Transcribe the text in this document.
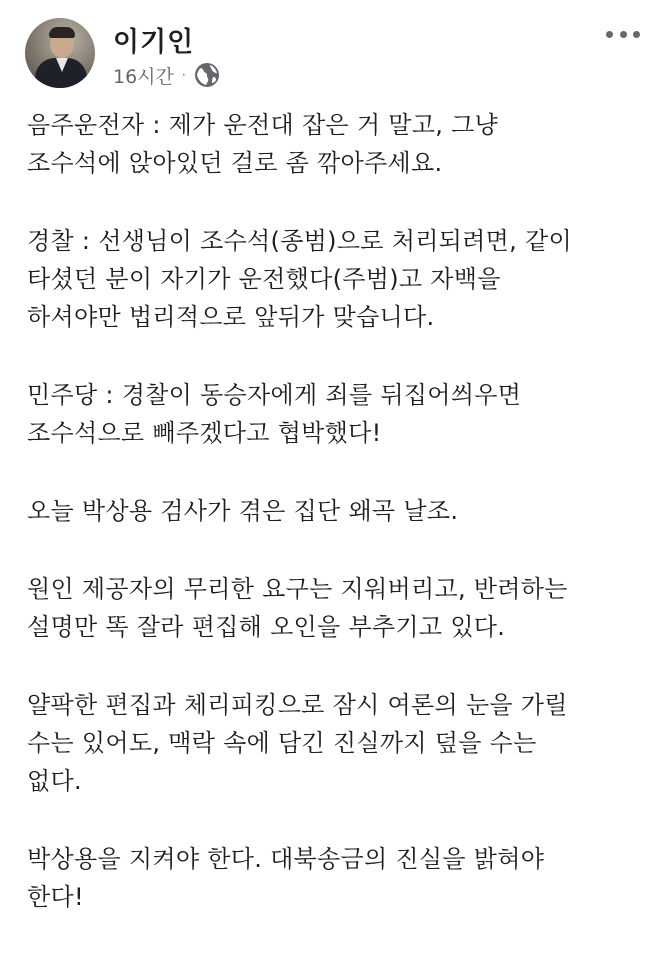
이기인
16시간 ·

음주운전자 : 제가 운전대 잡은 거 말고, 그냥
조수석에 앉아있던 걸로 좀 깎아주세요.

경찰 : 선생님이 조수석(종범)으로 처리되려면, 같이
타셨던 분이 자기가 운전했다(주범)고 자백을
하셔야만 법리적으로 앞뒤가 맞습니다.

민주당 : 경찰이 동승자에게 죄를 뒤집어씌우면
조수석으로 빼주겠다고 협박했다!

오늘 박상용 검사가 겪은 집단 왜곡 날조.

원인 제공자의 무리한 요구는 지워버리고, 반려하는
설명만 똑 잘라 편집해 오인을 부추기고 있다.

얄팍한 편집과 체리피킹으로 잠시 여론의 눈을 가릴
수는 있어도, 맥락 속에 담긴 진실까지 덮을 수는
없다.

박상용을 지켜야 한다. 대북송금의 진실을 밝혀야
한다!
